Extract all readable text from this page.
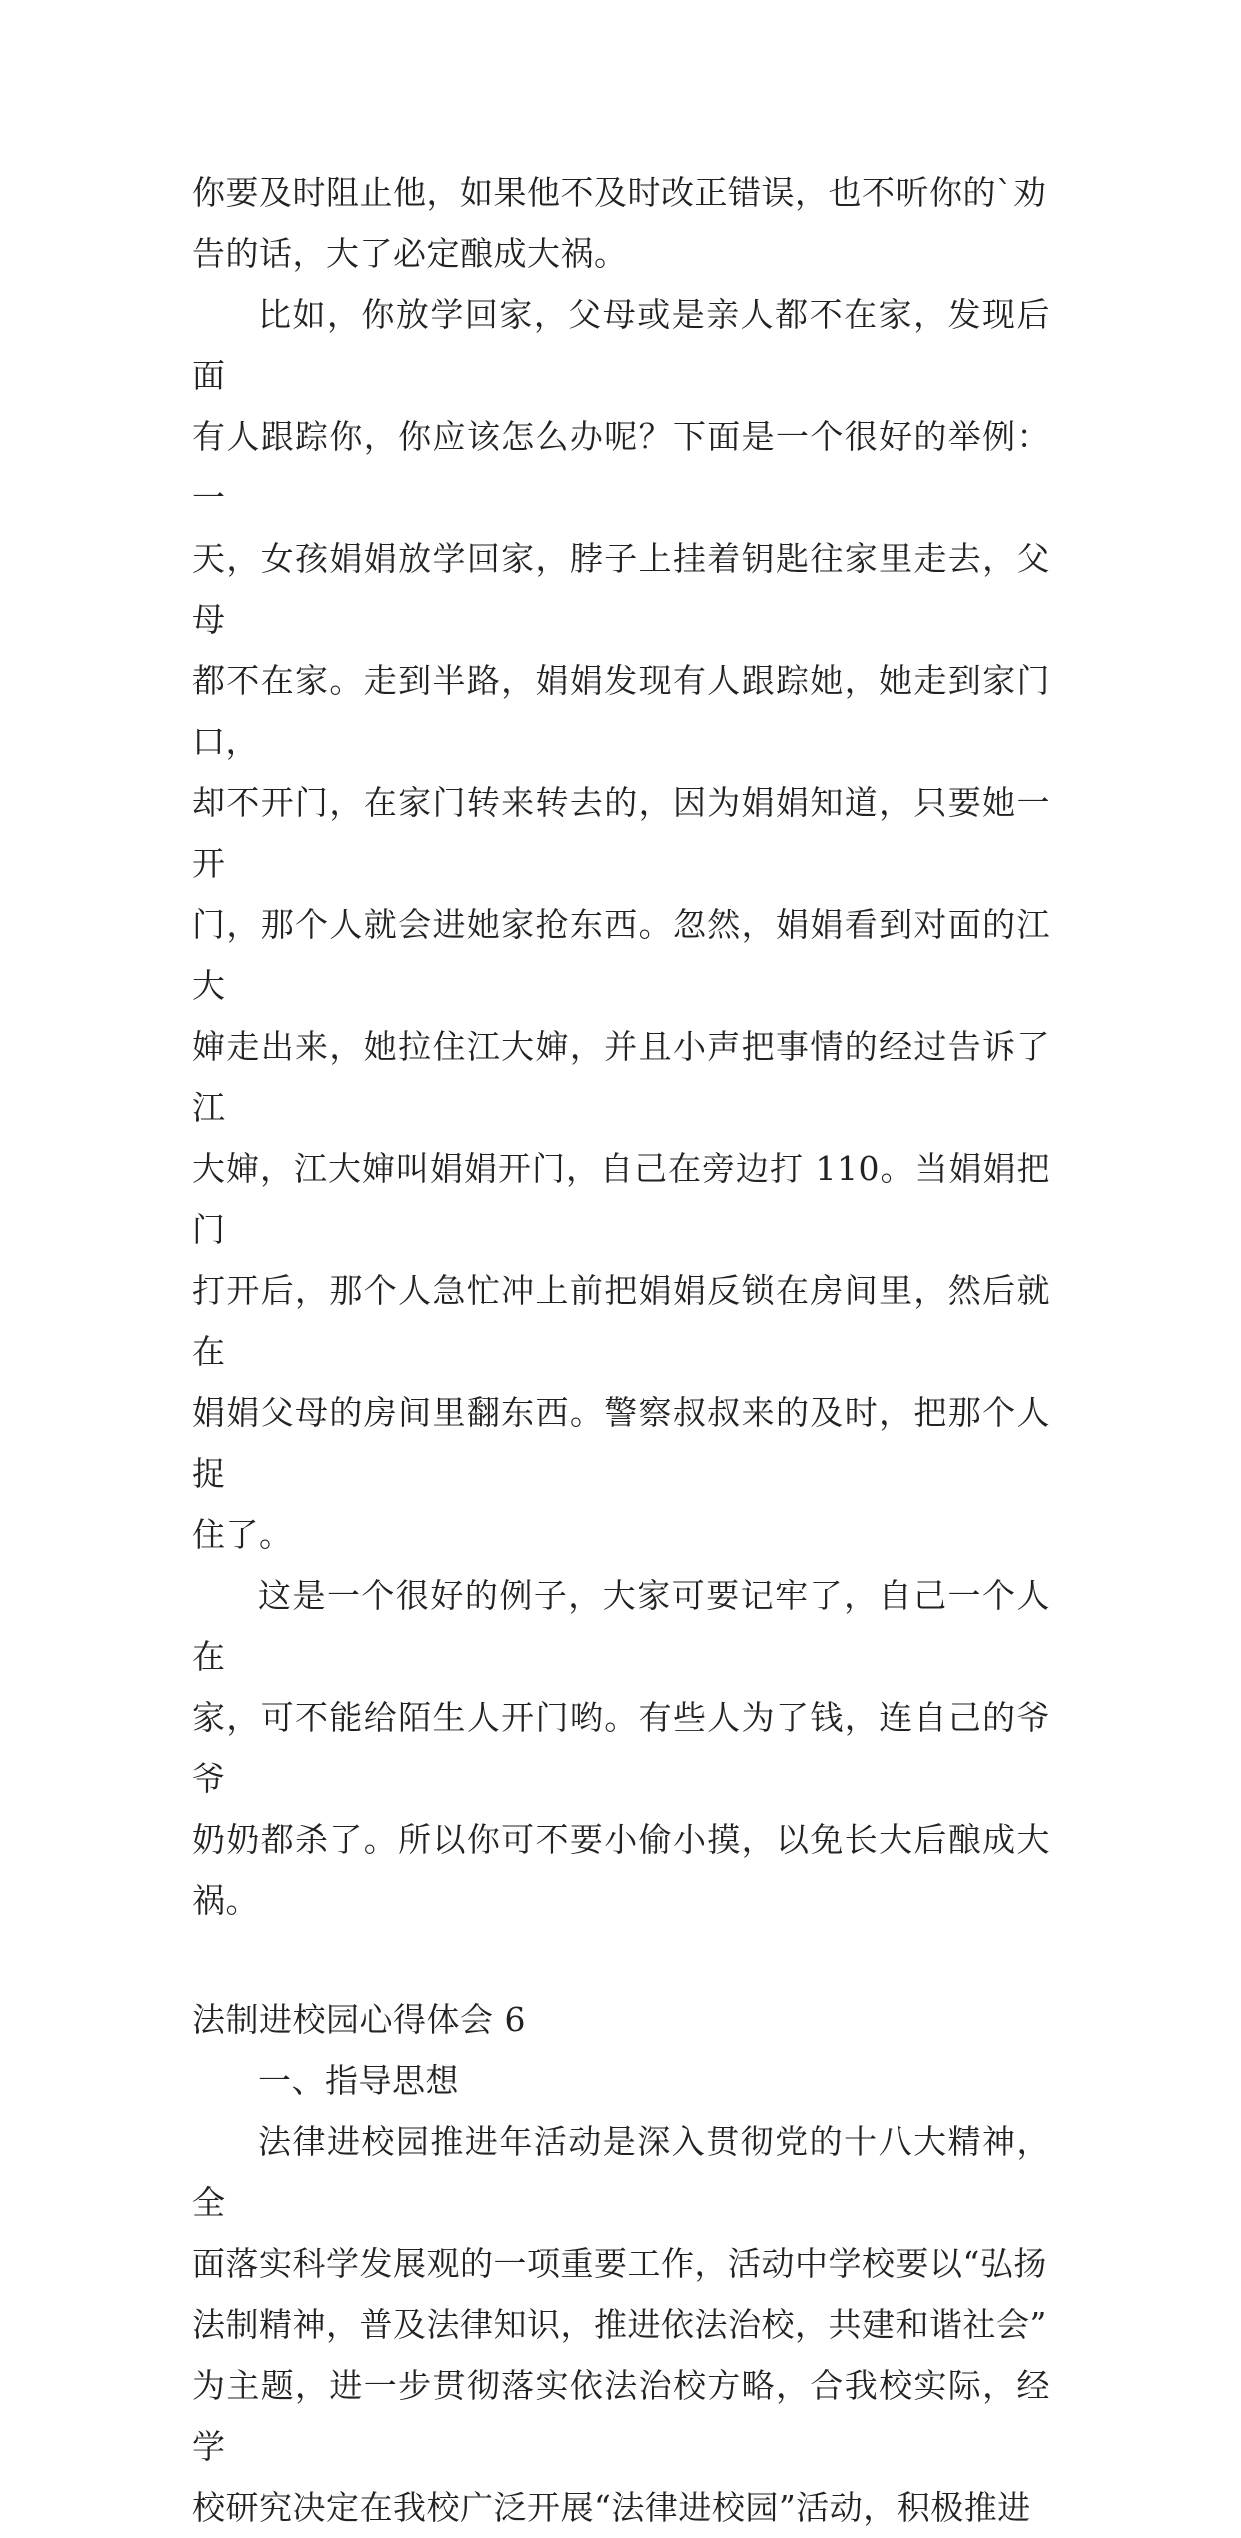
你要及时阻止他，如果他不及时改正错误，也不听你的`劝
告的话，大了必定酿成大祸。

比如，你放学回家，父母或是亲人都不在家，发现后面
有人跟踪你，你应该怎么办呢？下面是一个很好的举例：一
天，女孩娟娟放学回家，脖子上挂着钥匙往家里走去，父母
都不在家。走到半路，娟娟发现有人跟踪她，她走到家门口，
却不开门，在家门转来转去的，因为娟娟知道，只要她一开
门，那个人就会进她家抢东西。忽然，娟娟看到对面的江大
婶走出来，她拉住江大婶，并且小声把事情的经过告诉了江
大婶，江大婶叫娟娟开门，自己在旁边打 110。当娟娟把门
打开后，那个人急忙冲上前把娟娟反锁在房间里，然后就在
娟娟父母的房间里翻东西。警察叔叔来的及时，把那个人捉
住了。

这是一个很好的例子，大家可要记牢了，自己一个人在
家，可不能给陌生人开门哟。有些人为了钱，连自己的爷爷
奶奶都杀了。所以你可不要小偷小摸，以免长大后酿成大祸。

法制进校园心得体会 6

一、指导思想

法律进校园推进年活动是深入贯彻党的十八大精神，全
面落实科学发展观的一项重要工作，活动中学校要以“弘扬
法制精神，普及法律知识，推进依法治校，共建和谐社会”
为主题，进一步贯彻落实依法治校方略，合我校实际，经学
校研究决定在我校广泛开展“法律进校园”活动，积极推进
